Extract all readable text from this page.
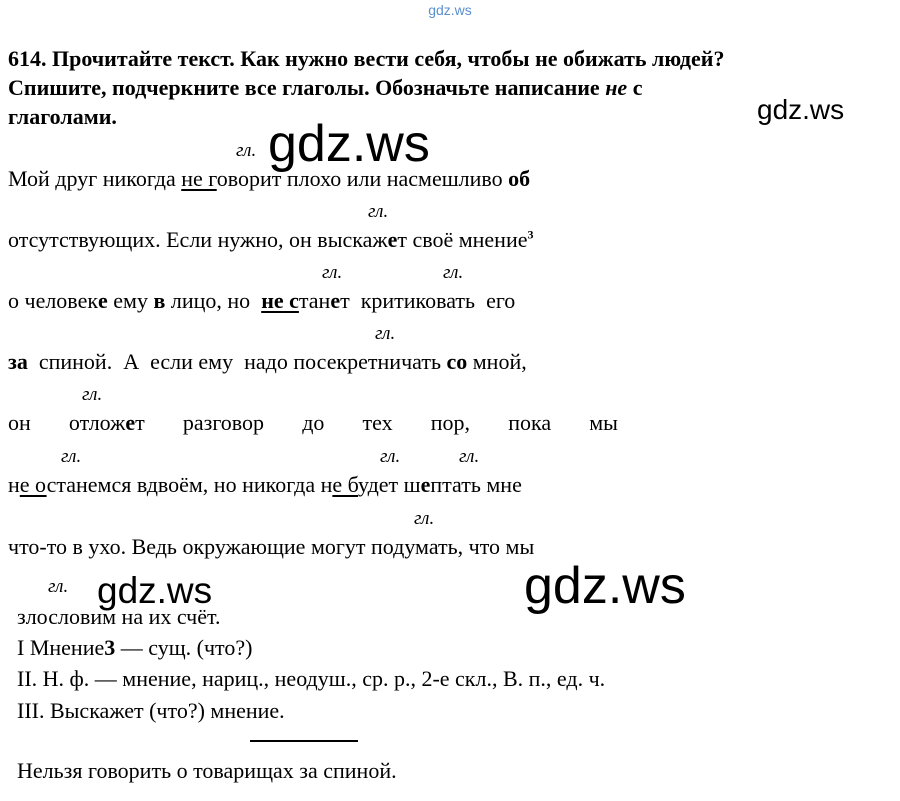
gdz.ws
gdz.ws
gdz.ws
gdz.ws	gdz.ws
614. Прочитайте текст. Как нужно вести себя, чтобы не обижать людей?
Спишите, подчеркните все глаголы. Обозначьте написание не с
глаголами.
гл.
гл.
гл.	гл.
гл.
гл.
гл.	гл.	гл.
гл.
гл.
Мой друг никогда не говорит плохо или насмешливо об
отсутствующих. Если нужно, он выскажет своё мнение$^3$
о человеке ему в лицо, но  не станет  критиковать  его
за  спиной.  А  если ему  надо посекретничать со мной,
он отложет разговор до тех пор, пока мы
не останемся вдвоём, но никогда не будет шептать мне
что-то в ухо. Ведь окружающие могут подумать, что мы
злословим на их счёт.
I Мнение3 — сущ. (что?)
II. Н. ф. — мнение, нариц., неодуш., ср. р., 2-е скл., В. п., ед. ч.
III. Выскажет (что?) мнение.
Нельзя говорить о товарищах за спиной.
